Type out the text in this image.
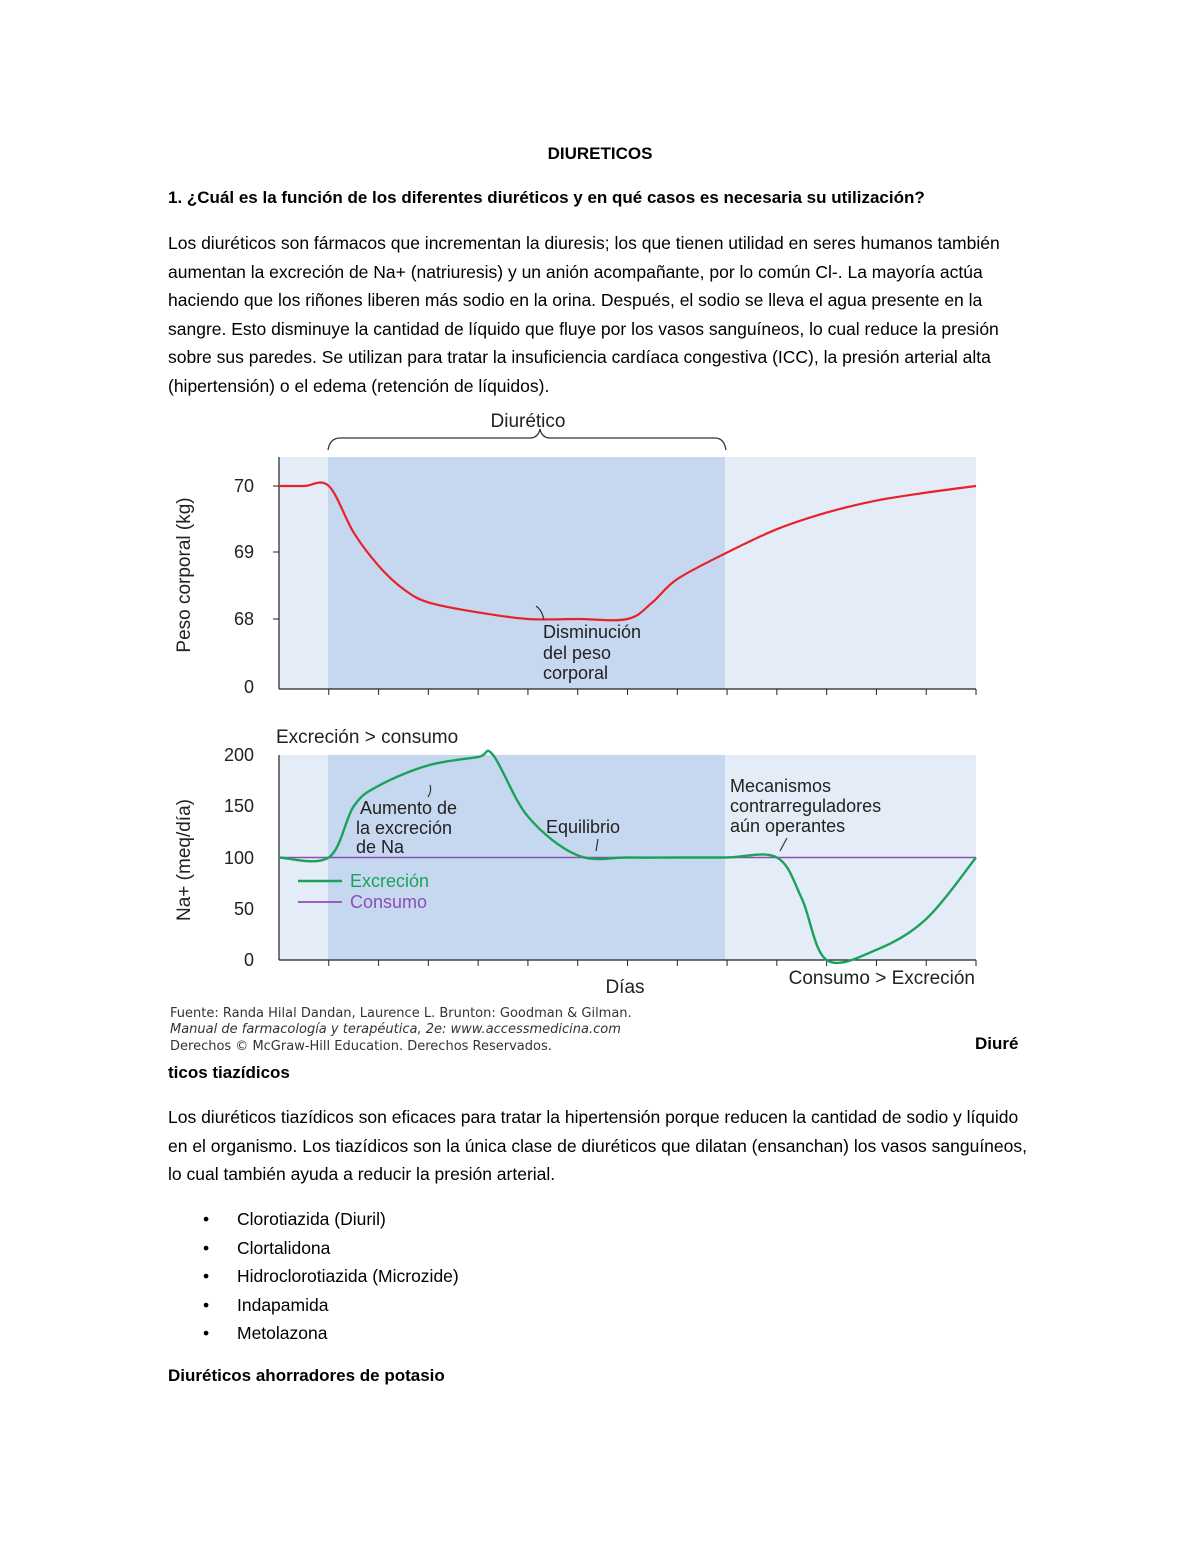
DIURETICOS
1. ¿Cuál es la función de los diferentes diuréticos y en qué casos es necesaria su utilización?
Los diuréticos son fármacos que incrementan la diuresis; los que tienen utilidad en seres humanos también aumentan la excreción de Na+ (natriuresis) y un anión acompañante, por lo común Cl-. La mayoría actúa haciendo que los riñones liberen más sodio en la orina. Después, el sodio se lleva el agua presente en la sangre. Esto disminuye la cantidad de líquido que fluye por los vasos sanguíneos, lo cual reduce la presión sobre sus paredes. Se utilizan para tratar la insuficiencia cardíaca congestiva (ICC), la presión arterial alta (hipertensión) o el edema (retención de líquidos).
Diurético
70
69
68
0
Peso corporal (kg)	Disminución
del peso
corporal
Excreción > consumo
200
150
100
50
0
Na+ (meq/día)	Aumento de
la excreción
de Na
Equilibrio
Mecanismos
contrarreguladores
aún operantes
Excreción
Consumo
Días	Consumo > Excreción
Fuente: Randa Hilal Dandan, Laurence L. Brunton: Goodman & Gilman.
Manual de farmacología y terapéutica, 2e: www.accessmedicina.com
Derechos © McGraw-Hill Education. Derechos Reservados.	Diuré
ticos tiazídicos
Los diuréticos tiazídicos son eficaces para tratar la hipertensión porque reducen la cantidad de sodio y líquido en el organismo. Los tiazídicos son la única clase de diuréticos que dilatan (ensanchan) los vasos sanguíneos, lo cual también ayuda a reducir la presión arterial.
• Clorotiazida (Diuril)
• Clortalidona
• Hidroclorotiazida (Microzide)
• Indapamida
• Metolazona
Diuréticos ahorradores de potasio
